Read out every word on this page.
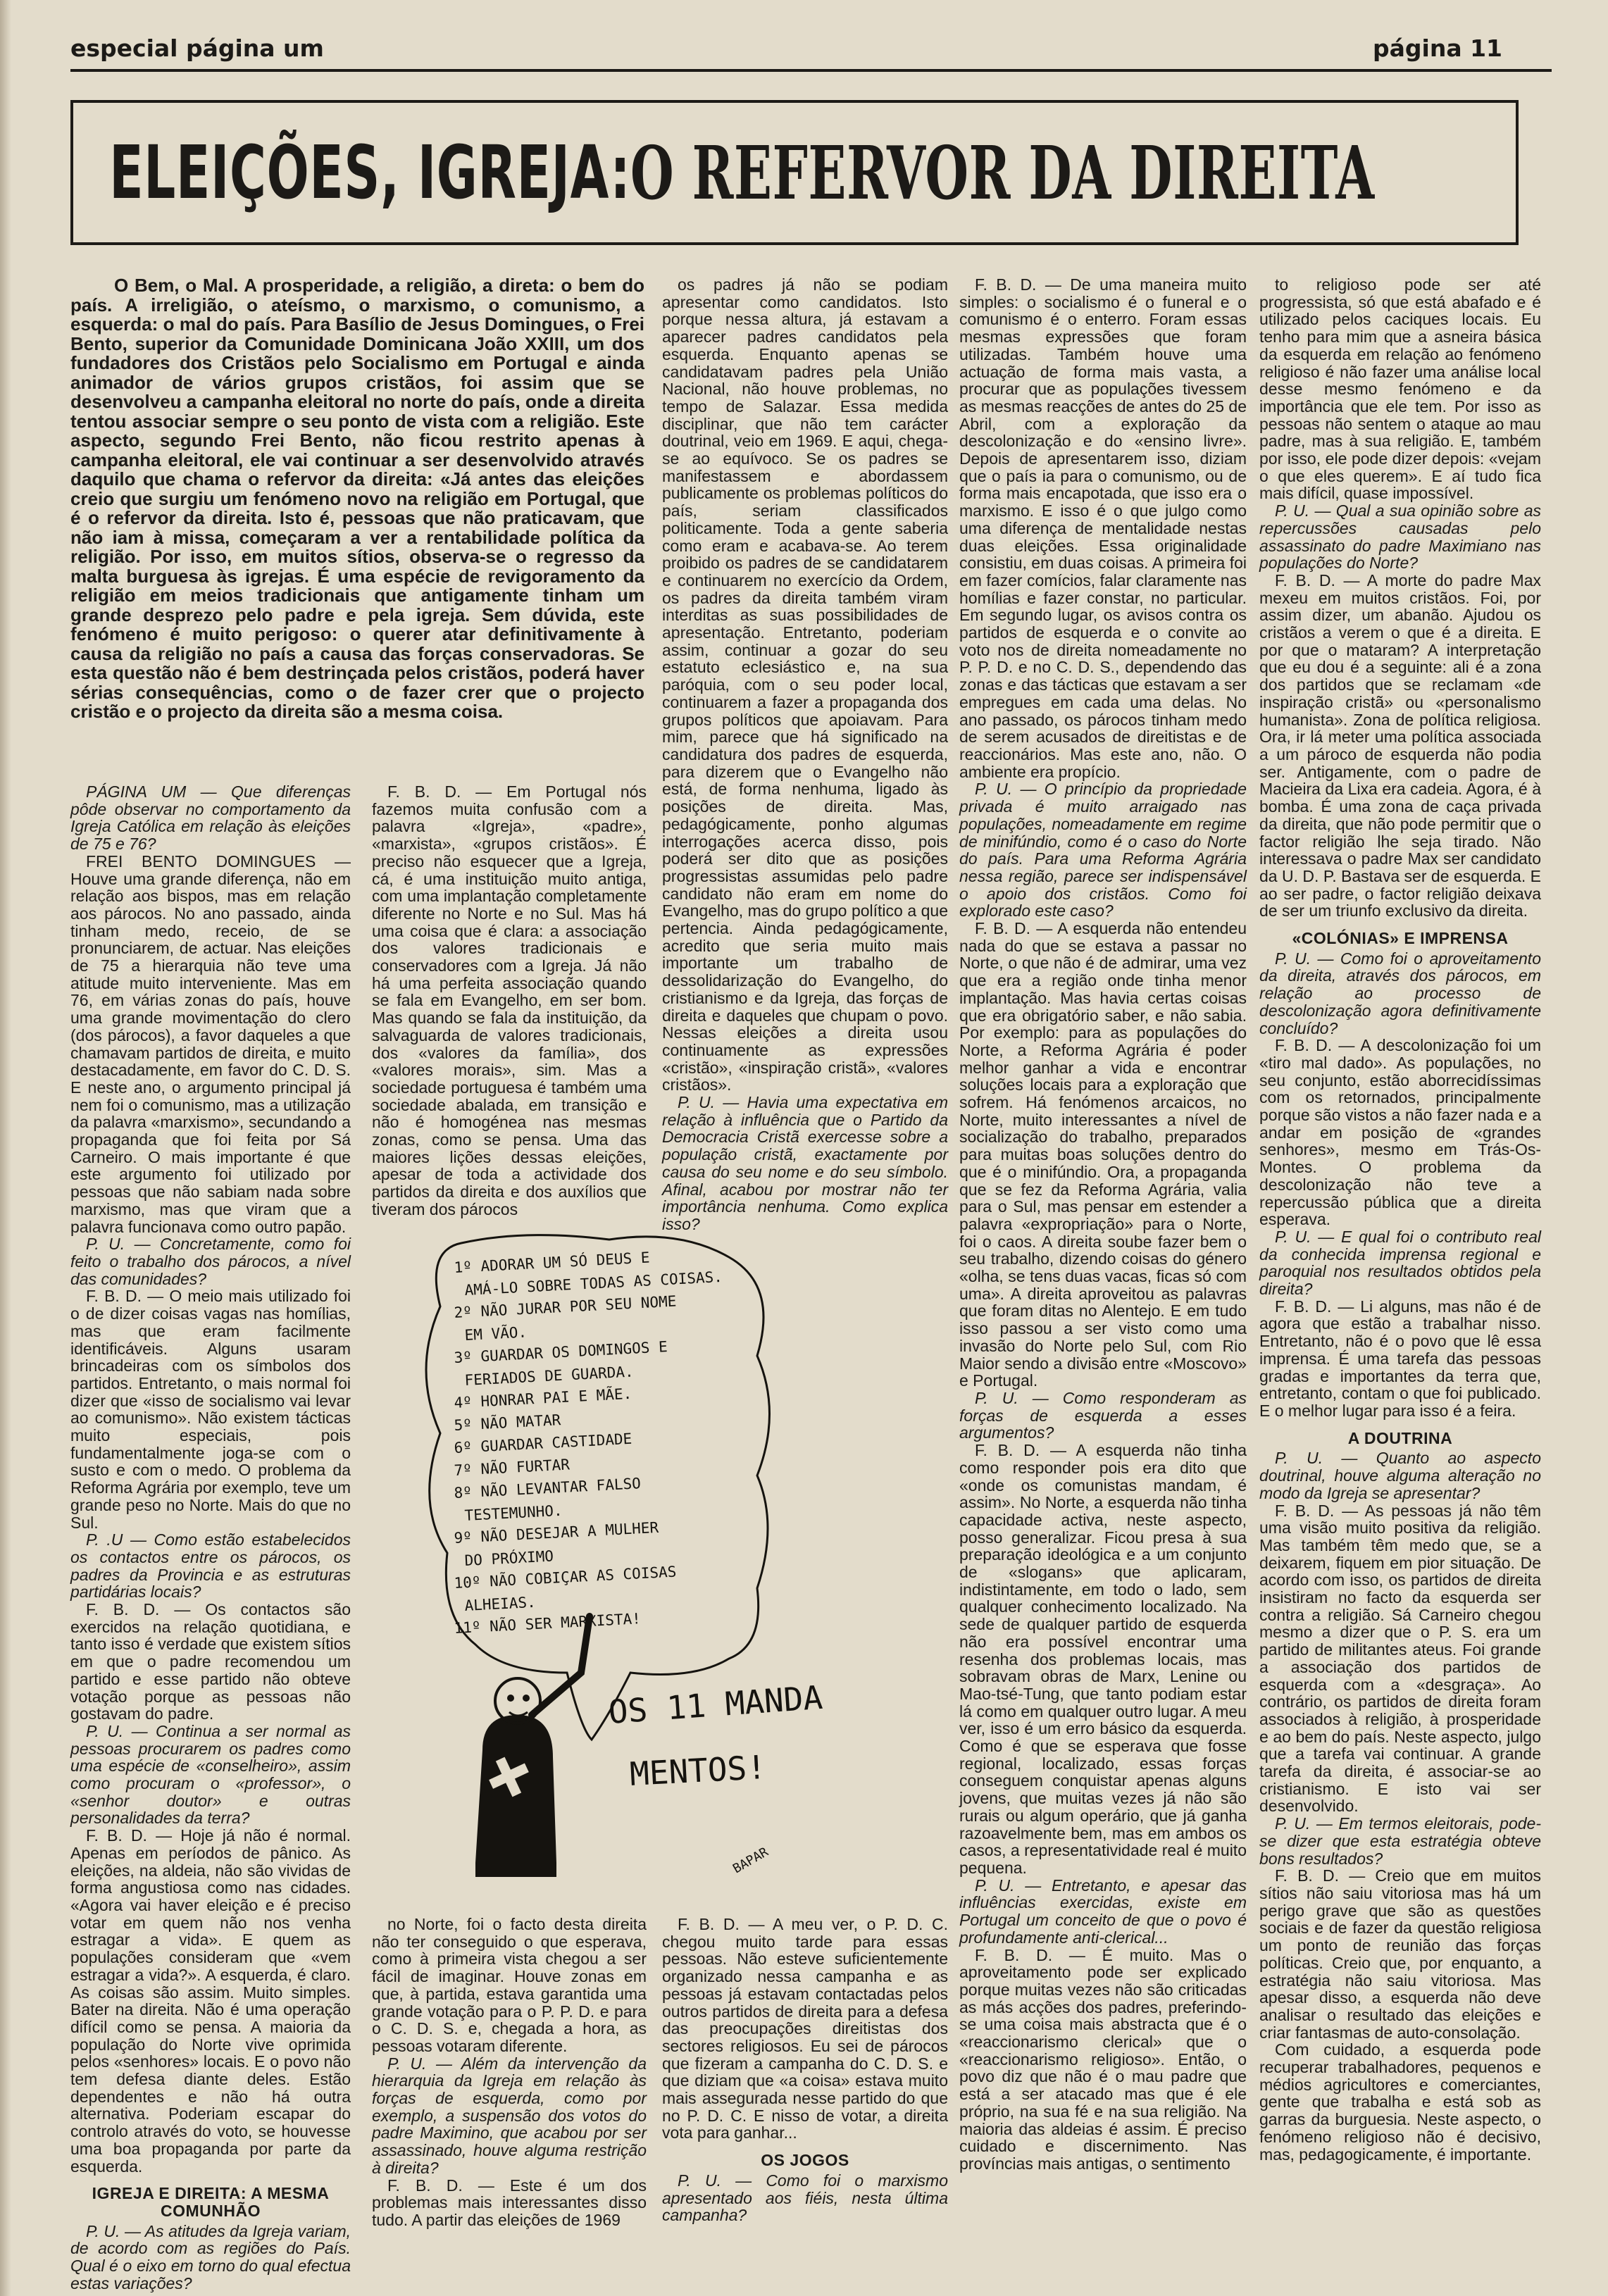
especial página um	página 11
ELEIÇÕES, IGREJA: O REFERVOR DA DIREITA

O Bem, o Mal. A prosperidade, a religião, a direta: o bem do país. A irreligião, o ateísmo, o marxismo, o comunismo, a esquerda: o mal do país. Para Basílio de Jesus Domingues, o Frei Bento, superior da Comunidade Dominicana João XXIII, um dos fundadores dos Cristãos pelo Socialismo em Portugal e ainda animador de vários grupos cristãos, foi assim que se desenvolveu a campanha eleitoral no norte do país, onde a direita tentou associar sempre o seu ponto de vista com a religião. Este aspecto, segundo Frei Bento, não ficou restrito apenas à campanha eleitoral, ele vai continuar a ser desenvolvido através daquilo que chama o refervor da direita: «Já antes das eleições creio que surgiu um fenómeno novo na religião em Portugal, que é o refervor da direita. Isto é, pessoas que não praticavam, que não iam à missa, começaram a ver a rentabilidade política da religião. Por isso, em muitos sítios, observa-se o regresso da malta burguesa às igrejas. É uma espécie de revigoramento da religião em meios tradicionais que antigamente tinham um grande desprezo pelo padre e pela igreja. Sem dúvida, este fenómeno é muito perigoso: o querer atar definitivamente à causa da religião no país a causa das forças conservadoras. Se esta questão não é bem destrinçada pelos cristãos, poderá haver sérias consequências, como o de fazer crer que o projecto cristão e o projecto da direita são a mesma coisa.

PÁGINA UM — Que diferenças pôde observar no comportamento da Igreja Católica em relação às eleições de 75 e 76?

FREI BENTO DOMINGUES — Houve uma grande diferença, não em relação aos bispos, mas em relação aos párocos. No ano passado, ainda tinham medo, receio, de se pronunciarem, de actuar. Nas eleições de 75 a hierarquia não teve uma atitude muito interveniente. Mas em 76, em várias zonas do país, houve uma grande movimentação do clero (dos párocos), a favor daqueles a que chamavam partidos de direita, e muito destacadamente, em favor do C. D. S. E neste ano, o argumento principal já nem foi o comunismo, mas a utilização da palavra «marxismo», secundando a propaganda que foi feita por Sá Carneiro. O mais importante é que este argumento foi utilizado por pessoas que não sabiam nada sobre marxismo, mas que viram que a palavra funcionava como outro papão.

P. U. — Concretamente, como foi feito o trabalho dos párocos, a nível das comunidades?

F. B. D. — O meio mais utilizado foi o de dizer coisas vagas nas homílias, mas que eram facilmente identificáveis. Alguns usaram brincadeiras com os símbolos dos partidos. Entretanto, o mais normal foi dizer que «isso de socialismo vai levar ao comunismo». Não existem tácticas muito especiais, pois fundamentalmente joga-se com o susto e com o medo. O problema da Reforma Agrária por exemplo, teve um grande peso no Norte. Mais do que no Sul.

P. .U — Como estão estabelecidos os contactos entre os párocos, os padres da Provincia e as estruturas partidárias locais?

F. B. D. — Os contactos são exercidos na relação quotidiana, e tanto isso é verdade que existem sítios em que o padre recomendou um partido e esse partido não obteve votação porque as pessoas não gostavam do padre.

P. U. — Continua a ser normal as pessoas procurarem os padres como uma espécie de «conselheiro», assim como procuram o «professor», o «senhor doutor» e outras personalidades da terra?

F. B. D. — Hoje já não é normal. Apenas em períodos de pânico. As eleições, na aldeia, não são vividas de forma angustiosa como nas cidades. «Agora vai haver eleição e é preciso votar em quem não nos venha estragar a vida». E quem as populações consideram que «vem estragar a vida?». A esquerda, é claro. As coisas são assim. Muito simples. Bater na direita. Não é uma operação difícil como se pensa. A maioria da população do Norte vive oprimida pelos «senhores» locais. E o povo não tem defesa diante deles. Estão dependentes e não há outra alternativa. Poderiam escapar do controlo através do voto, se houvesse uma boa propaganda por parte da esquerda.

IGREJA E DIREITA: A MESMA COMUNHÃO

P. U. — As atitudes da Igreja variam, de acordo com as regiões do País. Qual é o eixo em torno do qual efectua estas variações?

F. B. D. — Em Portugal nós fazemos muita confusão com a palavra «Igreja», «padre», «marxista», «grupos cristãos». É preciso não esquecer que a Igreja, cá, é uma instituição muito antiga, com uma implantação completamente diferente no Norte e no Sul. Mas há uma coisa que é clara: a associação dos valores tradicionais e conservadores com a Igreja. Já não há uma perfeita associação quando se fala em Evangelho, em ser bom. Mas quando se fala da instituição, da salvaguarda de valores tradicionais, dos «valores da família», dos «valores morais», sim. Mas a sociedade portuguesa é também uma sociedade abalada, em transição e não é homogénea nas mesmas zonas, como se pensa. Uma das maiores lições dessas eleições, apesar de toda a actividade dos partidos da direita e dos auxílios que tiveram dos párocos

os padres já não se podiam apresentar como candidatos. Isto porque nessa altura, já estavam a aparecer padres candidatos pela esquerda. Enquanto apenas se candidatavam padres pela União Nacional, não houve problemas, no tempo de Salazar. Essa medida disciplinar, que não tem carácter doutrinal, veio em 1969. E aqui, chega-se ao equívoco. Se os padres se manifestassem e abordassem publicamente os problemas políticos do país, seriam classificados politicamente. Toda a gente saberia como eram e acabava-se. Ao terem proibido os padres de se candidatarem e continuarem no exercício da Ordem, os padres da direita também viram interditas as suas possibilidades de apresentação. Entretanto, poderiam assim, continuar a gozar do seu estatuto eclesiástico e, na sua paróquia, com o seu poder local, continuarem a fazer a propaganda dos grupos políticos que apoiavam. Para mim, parece que há significado na candidatura dos padres de esquerda, para dizerem que o Evangelho não está, de forma nenhuma, ligado às posições de direita. Mas, pedagógicamente, ponho algumas interrogações acerca disso, pois poderá ser dito que as posições progressistas assumidas pelo padre candidato não eram em nome do Evangelho, mas do grupo político a que pertencia. Ainda pedagógicamente, acredito que seria muito mais importante um trabalho de dessolidarização do Evangelho, do cristianismo e da Igreja, das forças de direita e daqueles que chupam o povo. Nessas eleições a direita usou continuamente as expressões «cristão», «inspiração cristã», «valores cristãos».

P. U. — Havia uma expectativa em relação à influência que o Partido da Democracia Cristã exercesse sobre a população cristã, exactamente por causa do seu nome e do seu símbolo. Afinal, acabou por mostrar não ter importância nenhuma. Como explica isso?

F. B. D. — De uma maneira muito simples: o socialismo é o funeral e o comunismo é o enterro. Foram essas mesmas expressões que foram utilizadas. Também houve uma actuação de forma mais vasta, a procurar que as populações tivessem as mesmas reacções de antes do 25 de Abril, com a exploração da descolonização e do «ensino livre». Depois de apresentarem isso, diziam que o país ia para o comunismo, ou de forma mais encapotada, que isso era o marxismo. E isso é o que julgo como uma diferença de mentalidade nestas duas eleições. Essa originalidade consistiu, em duas coisas. A primeira foi em fazer comícios, falar claramente nas homílias e fazer constar, no particular. Em segundo lugar, os avisos contra os partidos de esquerda e o convite ao voto nos de direita nomeadamente no P. P. D. e no C. D. S., dependendo das zonas e das tácticas que estavam a ser empregues em cada uma delas. No ano passado, os párocos tinham medo de serem acusados de direitistas e de reaccionários. Mas este ano, não. O ambiente era propício.

P. U. — O princípio da propriedade privada é muito arraigado nas populações, nomeadamente em regime de minifúndio, como é o caso do Norte do país. Para uma Reforma Agrária nessa região, parece ser indispensável o apoio dos cristãos. Como foi explorado este caso?

F. B. D. — A esquerda não entendeu nada do que se estava a passar no Norte, o que não é de admirar, uma vez que era a região onde tinha menor implantação. Mas havia certas coisas que era obrigatório saber, e não sabia. Por exemplo: para as populações do Norte, a Reforma Agrária é poder melhor ganhar a vida e encontrar soluções locais para a exploração que sofrem. Há fenómenos arcaicos, no Norte, muito interessantes a nível de socialização do trabalho, preparados para muitas boas soluções dentro do que é o minifúndio. Ora, a propaganda que se fez da Reforma Agrária, valia para o Sul, mas pensar em estender a palavra «expropriação» para o Norte, foi o caos. A direita soube fazer bem o seu trabalho, dizendo coisas do género «olha, se tens duas vacas, ficas só com uma». A direita aproveitou as palavras que foram ditas no Alentejo. E em tudo isso passou a ser visto como uma invasão do Norte pelo Sul, com Rio Maior sendo a divisão entre «Moscovo» e Portugal.

P. U. — Como responderam as forças de esquerda a esses argumentos?

F. B. D. — A esquerda não tinha como responder pois era dito que «onde os comunistas mandam, é assim». No Norte, a esquerda não tinha capacidade activa, neste aspecto, posso generalizar. Ficou presa à sua preparação ideológica e a um conjunto de «slogans» que aplicaram, indistintamente, em todo o lado, sem qualquer conhecimento localizado. Na sede de qualquer partido de esquerda não era possível encontrar uma resenha dos problemas locais, mas sobravam obras de Marx, Lenine ou Mao-tsé-Tung, que tanto podiam estar lá como em qualquer outro lugar. A meu ver, isso é um erro básico da esquerda. Como é que se esperava que fosse regional, localizado, essas forças conseguem conquistar apenas alguns jovens, que muitas vezes já não são rurais ou algum operário, que já ganha razoavelmente bem, mas em ambos os casos, a representatividade real é muito pequena.

P. U. — Entretanto, e apesar das influências exercidas, existe em Portugal um conceito de que o povo é profundamente anti-clerical...

F. B. D. — É muito. Mas o aproveitamento pode ser explicado porque muitas vezes não são criticadas as más acções dos padres, preferindo-se uma coisa mais abstracta que é o «reaccionarismo clerical» que o «reaccionarismo religioso». Então, o povo diz que não é o mau padre que está a ser atacado mas que é ele próprio, na sua fé e na sua religião. Na maioria das aldeias é assim. É preciso cuidado e discernimento. Nas províncias mais antigas, o sentimento

to religioso pode ser até progressista, só que está abafado e é utilizado pelos caciques locais. Eu tenho para mim que a asneira básica da esquerda em relação ao fenómeno religioso é não fazer uma análise local desse mesmo fenómeno e da importância que ele tem. Por isso as pessoas não sentem o ataque ao mau padre, mas à sua religião. E, também por isso, ele pode dizer depois: «vejam o que eles querem». E aí tudo fica mais difícil, quase impossível.

P. U. — Qual a sua opinião sobre as repercussões causadas pelo assassinato do padre Maximiano nas populações do Norte?

F. B. D. — A morte do padre Max mexeu em muitos cristãos. Foi, por assim dizer, um abanão. Ajudou os cristãos a verem o que é a direita. E por que o mataram? A interpretação que eu dou é a seguinte: ali é a zona dos partidos que se reclamam «de inspiração cristã» ou «personalismo humanista». Zona de política religiosa. Ora, ir lá meter uma política associada a um pároco de esquerda não podia ser. Antigamente, com o padre de Macieira da Lixa era cadeia. Agora, é à bomba. É uma zona de caça privada da direita, que não pode permitir que o factor religião lhe seja tirado. Não interessava o padre Max ser candidato da U. D. P. Bastava ser de esquerda. E ao ser padre, o factor religião deixava de ser um triunfo exclusivo da direita.

«COLÓNIAS» E IMPRENSA

P. U. — Como foi o aproveitamento da direita, através dos párocos, em relação ao processo de descolonização agora definitivamente concluído?

F. B. D. — A descolonização foi um «tiro mal dado». As populações, no seu conjunto, estão aborrecidíssimas com os retornados, principalmente porque são vistos a não fazer nada e a andar em posição de «grandes senhores», mesmo em Trás-Os-Montes. O problema da descolonização não teve a repercussão pública que a direita esperava.

P. U. — E qual foi o contributo real da conhecida imprensa regional e paroquial nos resultados obtidos pela direita?

F. B. D. — Li alguns, mas não é de agora que estão a trabalhar nisso. Entretanto, não é o povo que lê essa imprensa. É uma tarefa das pessoas gradas e importantes da terra que, entretanto, contam o que foi publicado. E o melhor lugar para isso é a feira.

A DOUTRINA

P. U. — Quanto ao aspecto doutrinal, houve alguma alteração no modo da Igreja se apresentar?

F. B. D. — As pessoas já não têm uma visão muito positiva da religião. Mas também têm medo que, se a deixarem, fiquem em pior situação. De acordo com isso, os partidos de direita insistiram no facto da esquerda ser contra a religião. Sá Carneiro chegou mesmo a dizer que o P. S. era um partido de militantes ateus. Foi grande a associação dos partidos de esquerda com a «desgraça». Ao contrário, os partidos de direita foram associados à religião, à prosperidade e ao bem do país. Neste aspecto, julgo que a tarefa vai continuar. A grande tarefa da direita, é associar-se ao cristianismo. E isto vai ser desenvolvido.

P. U. — Em termos eleitorais, pode-se dizer que esta estratégia obteve bons resultados?

F. B. D. — Creio que em muitos sítios não saiu vitoriosa mas há um perigo grave que são as questões sociais e de fazer da questão religiosa um ponto de reunião das forças políticas. Creio que, por enquanto, a estratégia não saiu vitoriosa. Mas apesar disso, a esquerda não deve analisar o resultado das eleições e criar fantasmas de auto-consolação.

Com cuidado, a esquerda pode recuperar trabalhadores, pequenos e médios agricultores e comerciantes, gente que trabalha e está sob as garras da burguesia. Neste aspecto, o fenómeno religioso não é decisivo, mas, pedagogicamente, é importante.

no Norte, foi o facto desta direita não ter conseguido o que esperava, como à primeira vista chegou a ser fácil de imaginar. Houve zonas em que, à partida, estava garantida uma grande votação para o P. P. D. e para o C. D. S. e, chegada a hora, as pessoas votaram diferente.

P. U. — Além da intervenção da hierarquia da Igreja em relação às forças de esquerda, como por exemplo, a suspensão dos votos do padre Maximino, que acabou por ser assassinado, houve alguma restrição à direita?

F. B. D. — Este é um dos problemas mais interessantes disso tudo. A partir das eleições de 1969

F. B. D. — A meu ver, o P. D. C. chegou muito tarde para essas pessoas. Não esteve suficientemente organizado nessa campanha e as pessoas já estavam contactadas pelos outros partidos de direita para a defesa das preocupações direitistas dos sectores religiosos. Eu sei de párocos que fizeram a campanha do C. D. S. e que diziam que «a coisa» estava muito mais assegurada nesse partido do que no P. D. C. E nisso de votar, a direita vota para ganhar...

OS JOGOS

P. U. — Como foi o marxismo apresentado aos fiéis, nesta última campanha?

1º ADORAR UM SÓ DEUS E
AMÁ-LO SOBRE TODAS AS COISAS.
2º NÃO JURAR POR SEU NOME
EM VÃO.
3º GUARDAR OS DOMINGOS E
FERIADOS DE GUARDA.
4º HONRAR PAI E MÃE.
5º NÃO MATAR
6º GUARDAR CASTIDADE
7º NÃO FURTAR
8º NÃO LEVANTAR FALSO
TESTEMUNHO.
9º NÃO DESEJAR A MULHER
DO PRÓXIMO
10º NÃO COBIÇAR AS COISAS
ALHEIAS.
11º NÃO SER MARXISTA!
OS 11 MANDA
MENTOS!
BAPAR
